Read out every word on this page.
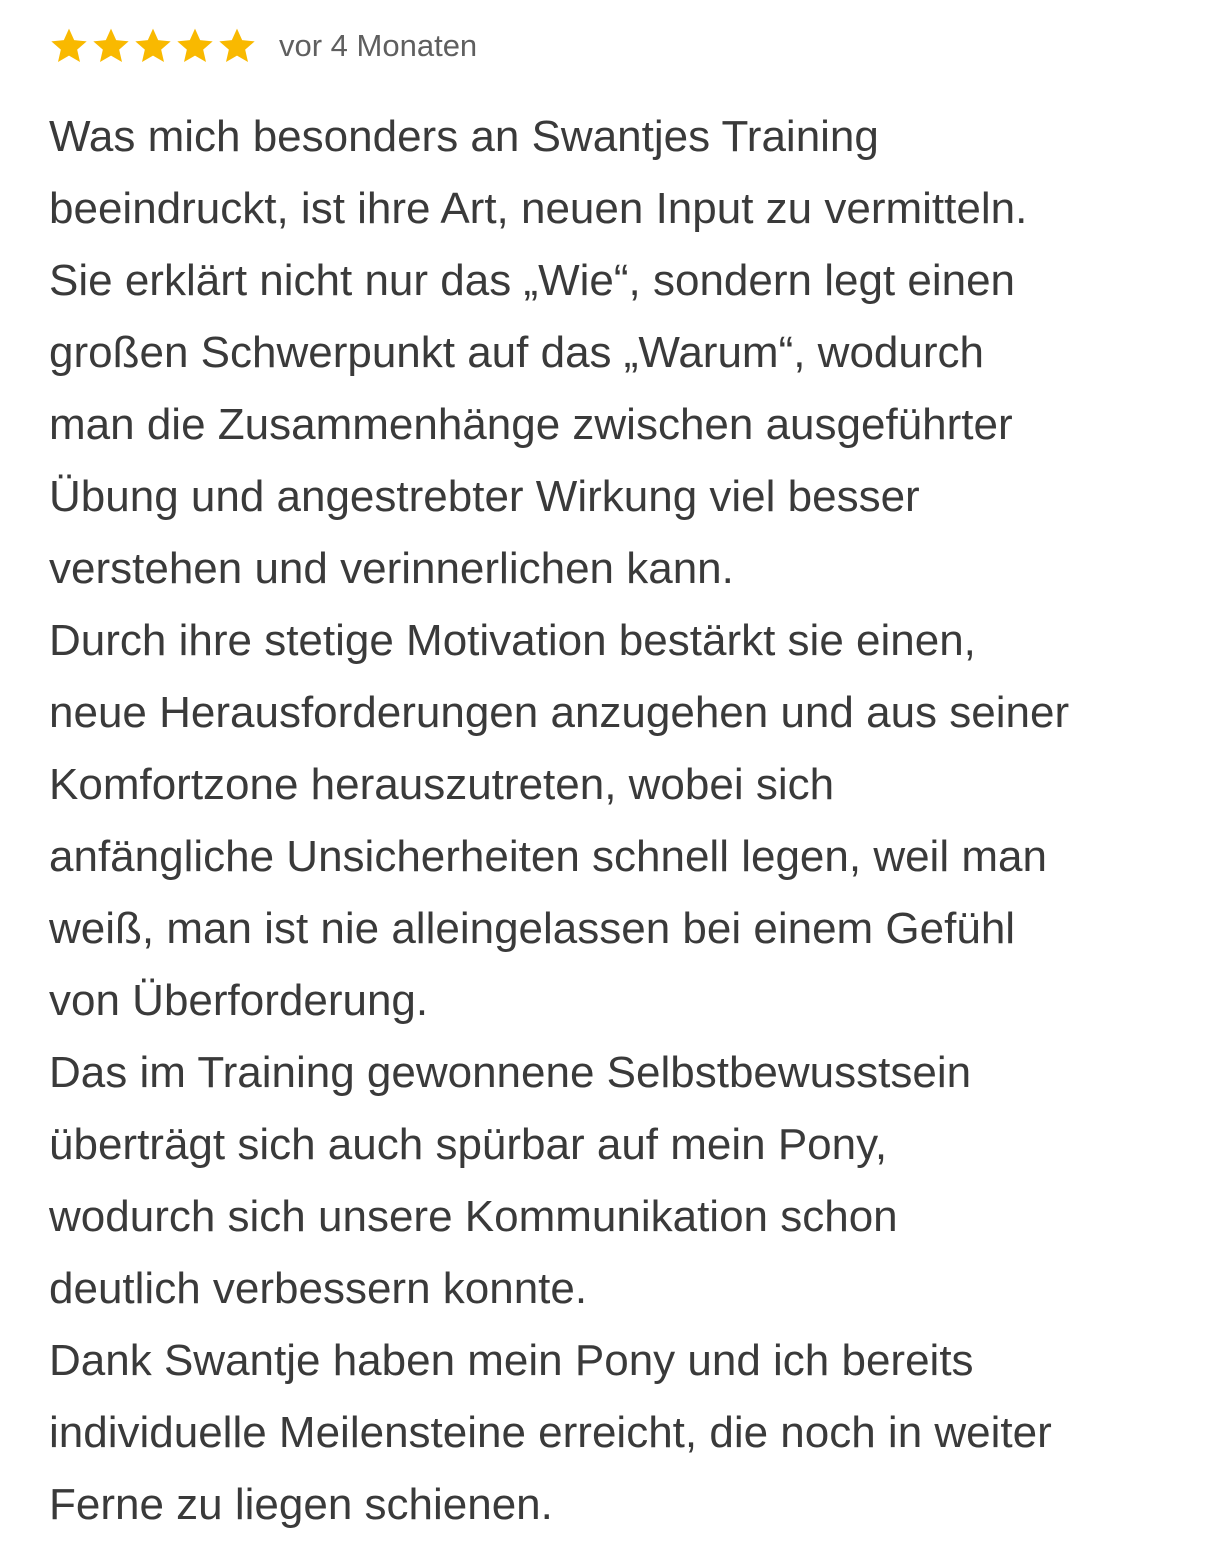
vor 4 Monaten
Was mich besonders an Swantjes Training
beeindruckt, ist ihre Art, neuen Input zu vermitteln.
Sie erklärt nicht nur das „Wie“, sondern legt einen
großen Schwerpunkt auf das „Warum“, wodurch
man die Zusammenhänge zwischen ausgeführter
Übung und angestrebter Wirkung viel besser
verstehen und verinnerlichen kann.
Durch ihre stetige Motivation bestärkt sie einen,
neue Herausforderungen anzugehen und aus seiner
Komfortzone herauszutreten, wobei sich
anfängliche Unsicherheiten schnell legen, weil man
weiß, man ist nie alleingelassen bei einem Gefühl
von Überforderung.
Das im Training gewonnene Selbstbewusstsein
überträgt sich auch spürbar auf mein Pony,
wodurch sich unsere Kommunikation schon
deutlich verbessern konnte.
Dank Swantje haben mein Pony und ich bereits
individuelle Meilensteine erreicht, die noch in weiter
Ferne zu liegen schienen.
